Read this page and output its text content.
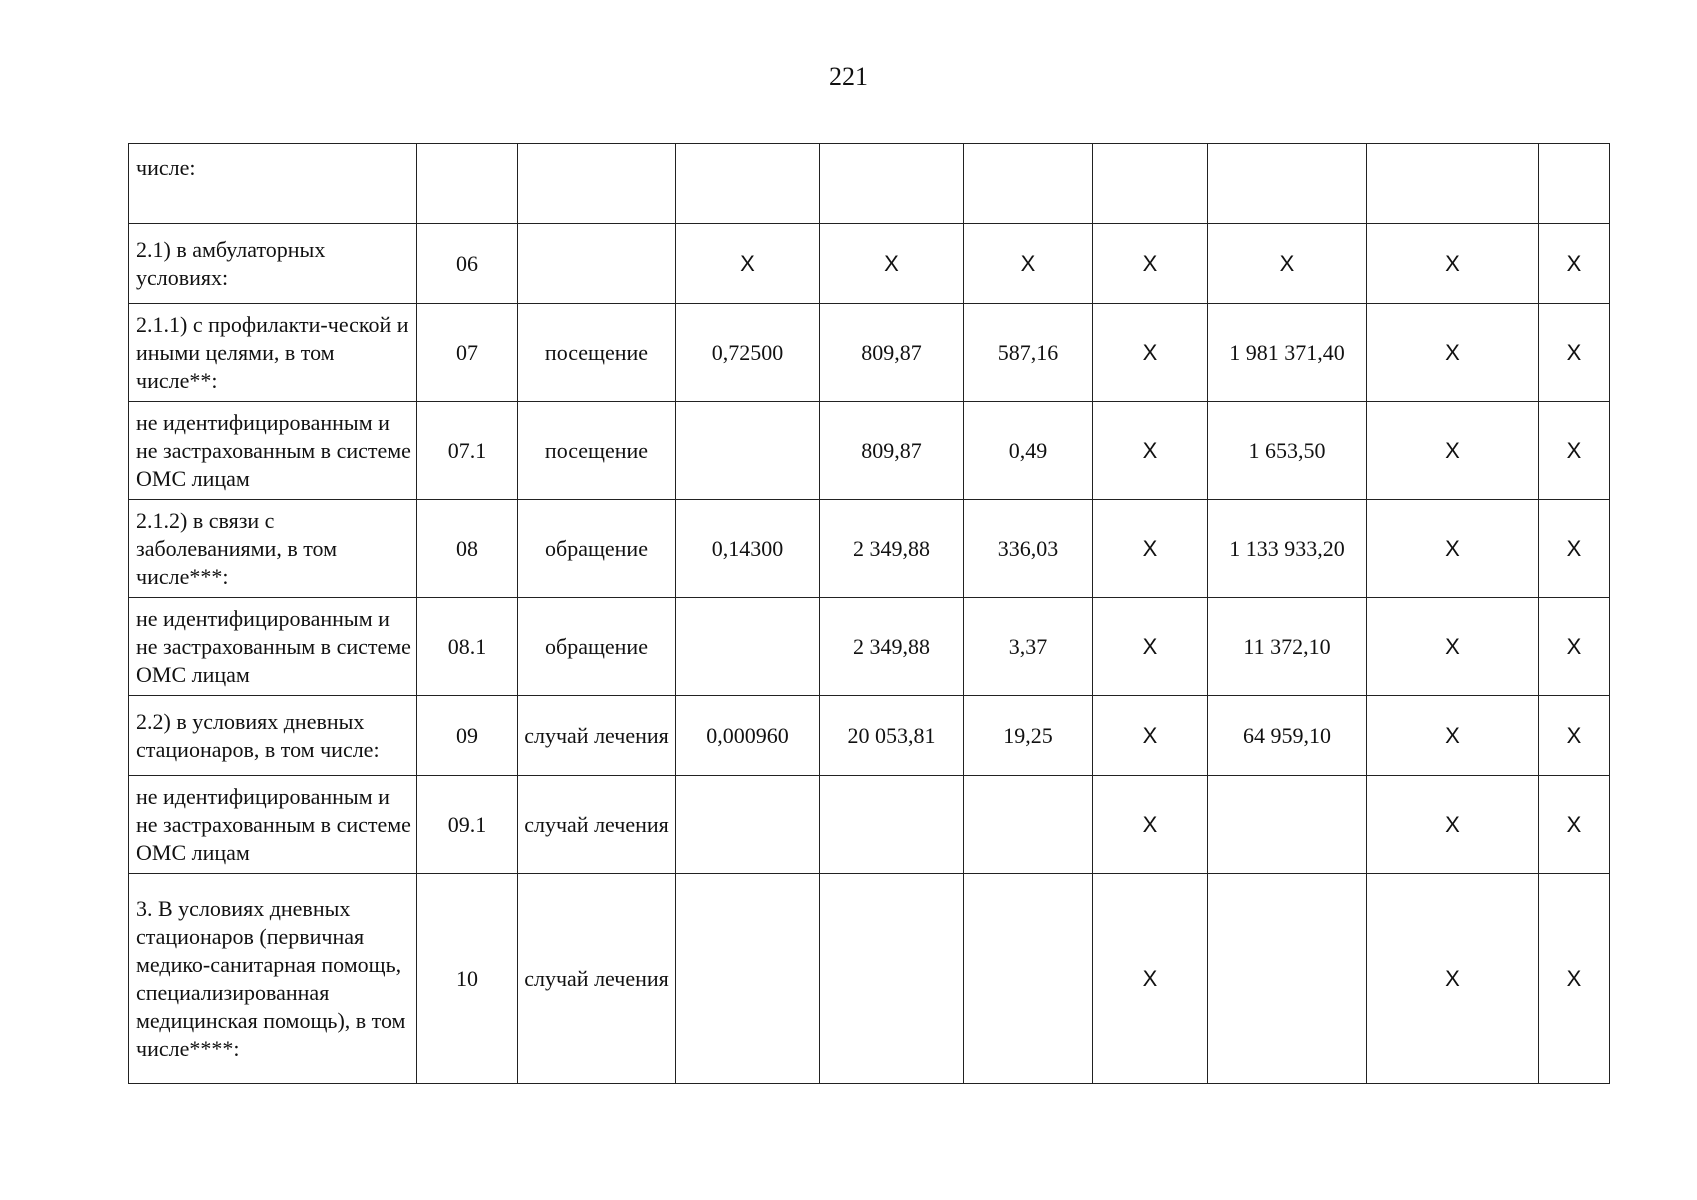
221
числе:									
2.1) в амбулаторных условиях:	06		X	X	X	X	X	X	X
2.1.1) с профилакти-ческой и иными целями, в том числе**:	07	посещение	0,72500	809,87	587,16	X	1 981 371,40	X	X
не идентифицированным и не застрахованным в системе ОМС лицам	07.1	посещение		809,87	0,49	X	1 653,50	X	X
2.1.2) в связи с заболеваниями, в том числе***:	08	обращение	0,14300	2 349,88	336,03	X	1 133 933,20	X	X
не идентифицированным и не застрахованным в системе ОМС лицам	08.1	обращение		2 349,88	3,37	X	11 372,10	X	X
2.2) в условиях дневных стационаров, в том числе:	09	случай лечения	0,000960	20 053,81	19,25	X	64 959,10	X	X
не идентифицированным и не застрахованным в системе ОМС лицам	09.1	случай лечения				X		X	X
3. В условиях дневных стационаров (первичная медико-санитарная помощь, специализированная медицинская помощь), в том числе****:	10	случай лечения				X		X	X
